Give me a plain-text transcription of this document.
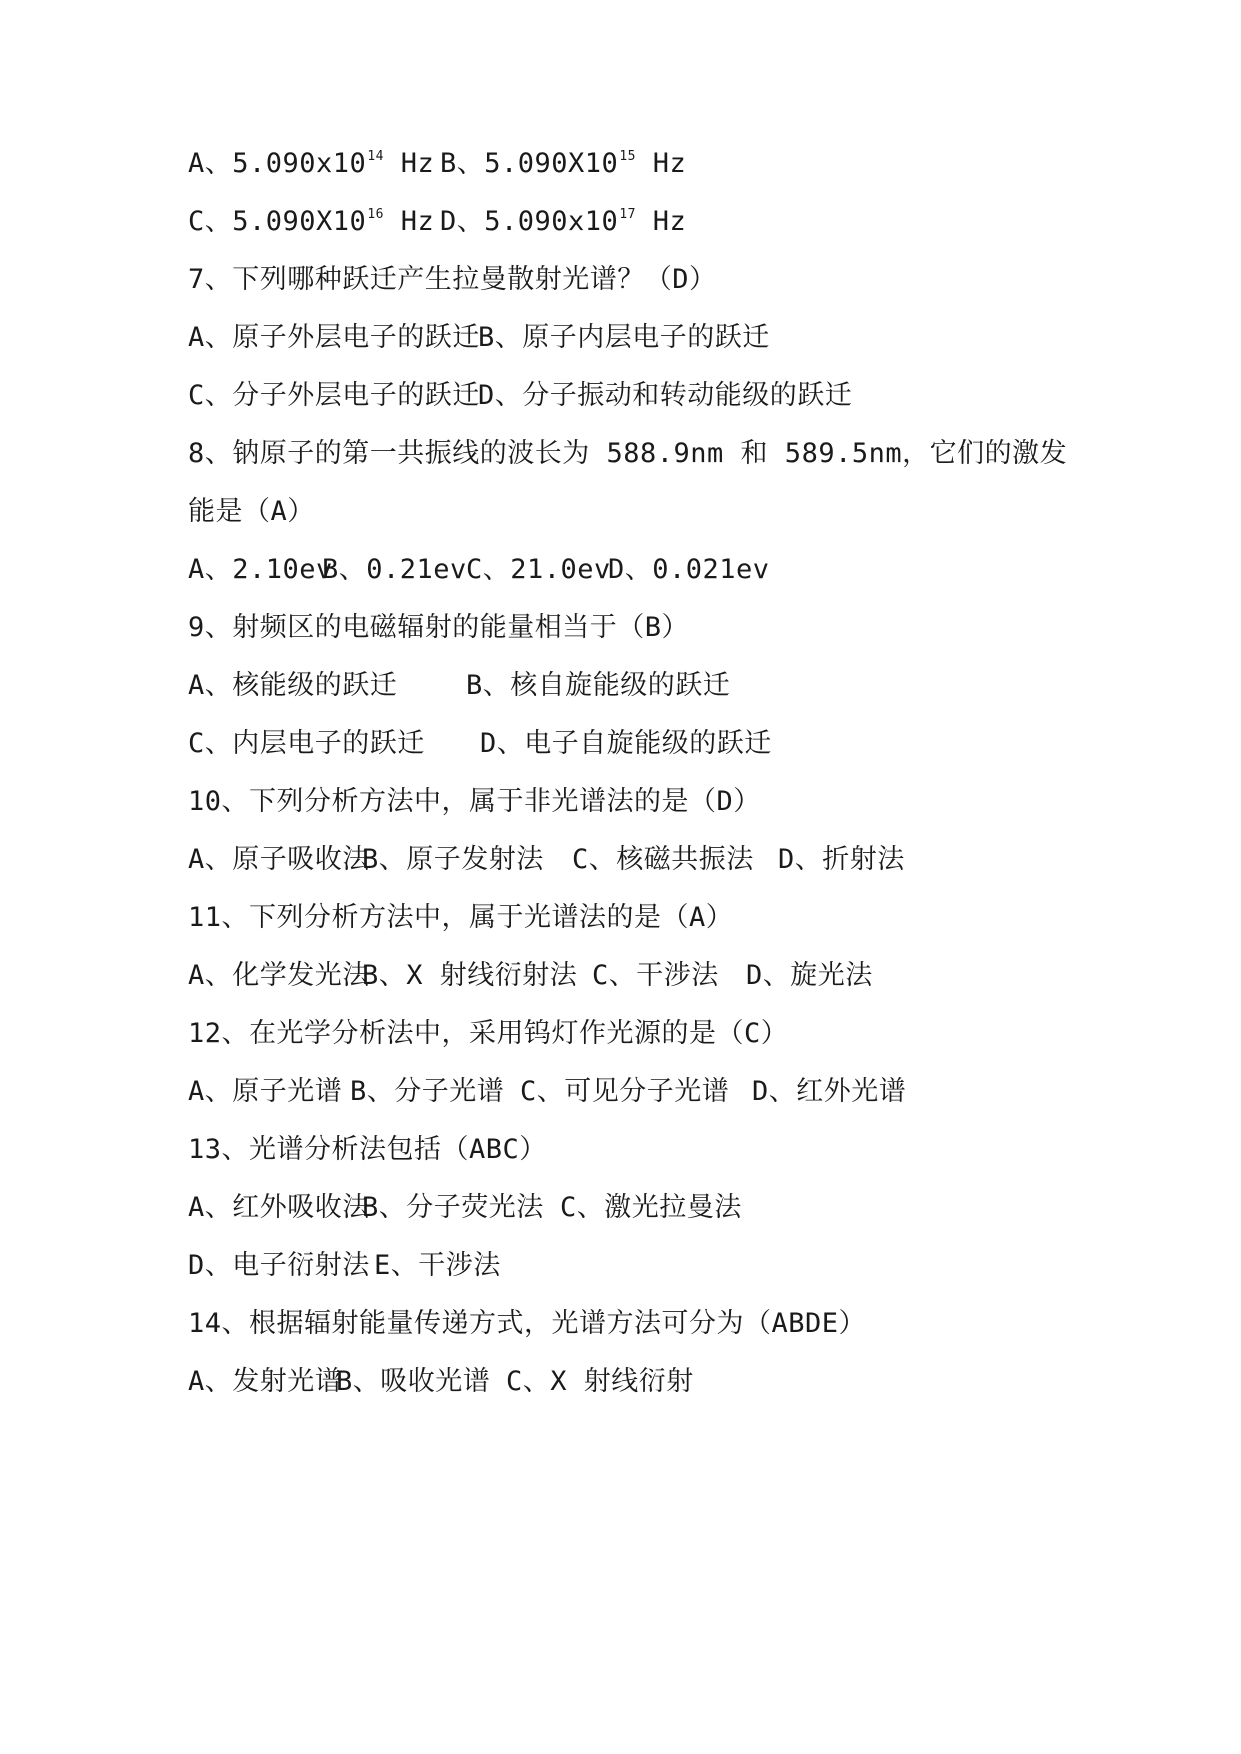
A、$5.090x10^{14}$ Hz B、$5.090X10^{15}$ Hz
C、$5.090X10^{16}$ Hz D、$5.090x10^{17}$ Hz
7、下列哪种跃迁产生拉曼散射光谱？（D）
A、原子外层电子的跃迁
B、原子内层电子的跃迁
C、分子外层电子的跃迁
D、分子振动和转动能级的跃迁
8、钠原子的第一共振线的波长为 588.9nm 和 589.5nm，它们的激发
能是（A）
A、2.10ev
B、0.21ev C、21.0ev
D、0.021ev
9、射频区的电磁辐射的能量相当于（B）
A、核能级的跃迁	B、核自旋能级的跃迁
C、内层电子的跃迁 D、电子自旋能级的跃迁
10、下列分析方法中，属于非光谱法的是（D）
A、原子吸收法
B、原子发射法 C、核磁共振法 D、折射法
11、下列分析方法中，属于光谱法的是（A）
A、化学发光法
B、X 射线衍射法 C、干涉法 D、旋光法
12、在光学分析法中，采用钨灯作光源的是（C）
A、原子光谱 B、分子光谱 C、可见分子光谱 D、红外光谱
13、光谱分析法包括（ABC）
A、红外吸收法
B、分子荧光法 C、激光拉曼法
D、电子衍射法 E、干涉法
14、根据辐射能量传递方式，光谱方法可分为（ABDE）
A、发射光谱
B、吸收光谱 C、X 射线衍射
